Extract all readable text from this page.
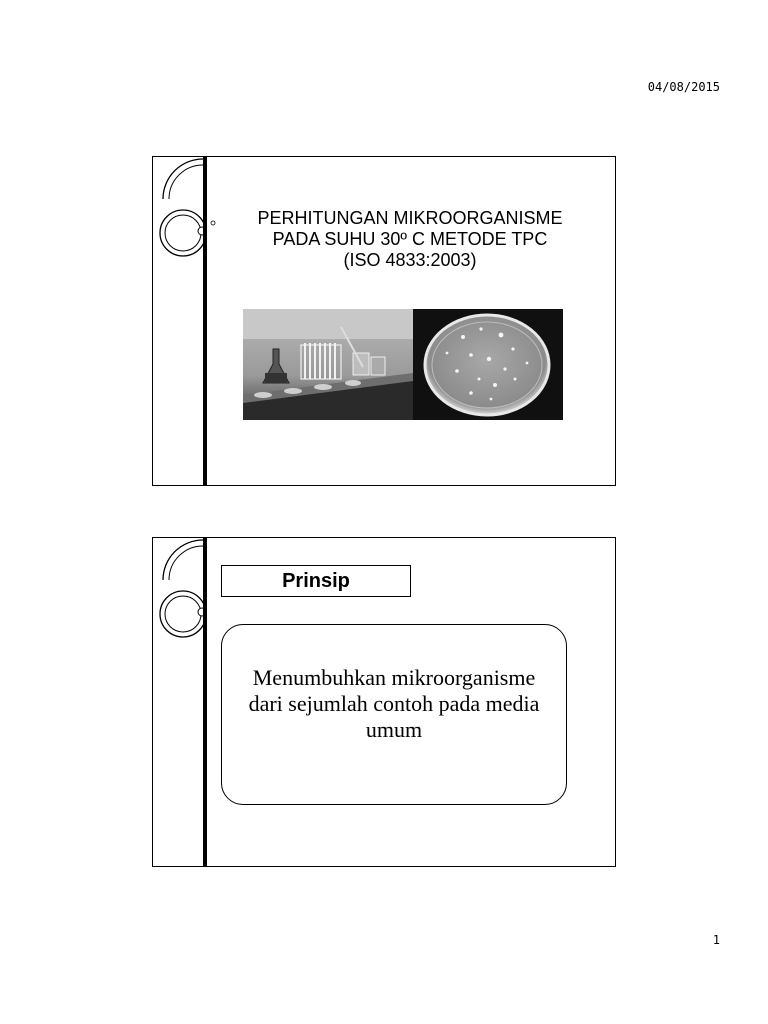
04/08/2015
PERHITUNGAN MIKROORGANISME
PADA SUHU 30º C METODE TPC
(ISO 4833:2003)
Prinsip
Menumbuhkan mikroorganisme dari sejumlah contoh pada media umum
1
